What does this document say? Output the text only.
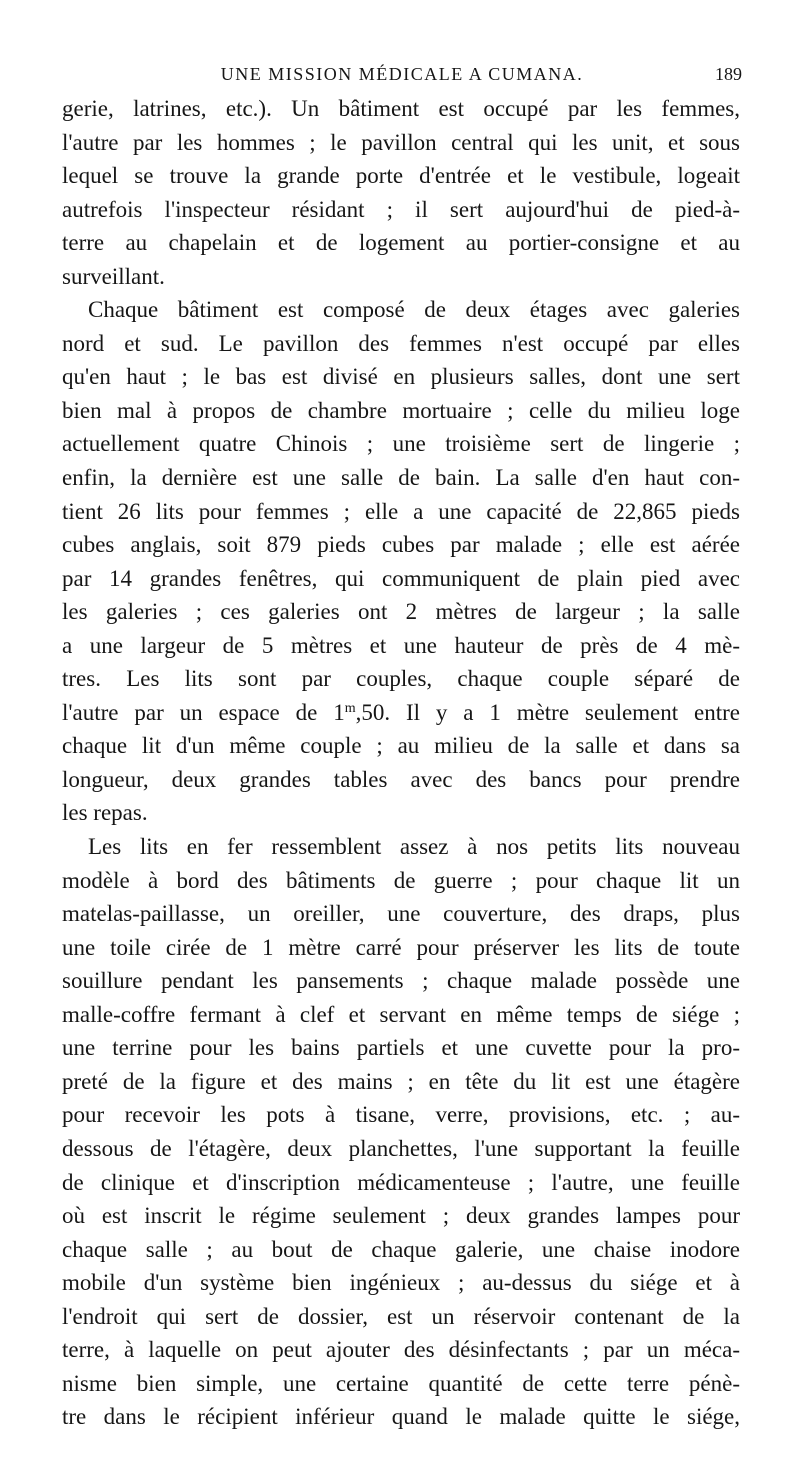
UNE MISSION MÉDICALE A CUMANA.	189
gerie, latrines, etc.). Un bâtiment est occupé par les femmes,
l'autre par les hommes ; le pavillon central qui les unit, et sous
lequel se trouve la grande porte d'entrée et le vestibule, logeait
autrefois l'inspecteur résidant ; il sert aujourd'hui de pied-à-
terre au chapelain et de logement au portier-consigne et au
surveillant.
Chaque bâtiment est composé de deux étages avec galeries
nord et sud. Le pavillon des femmes n'est occupé par elles
qu'en haut ; le bas est divisé en plusieurs salles, dont une sert
bien mal à propos de chambre mortuaire ; celle du milieu loge
actuellement quatre Chinois ; une troisième sert de lingerie ;
enfin, la dernière est une salle de bain. La salle d'en haut con-
tient 26 lits pour femmes ; elle a une capacité de 22,865 pieds
cubes anglais, soit 879 pieds cubes par malade ; elle est aérée
par 14 grandes fenêtres, qui communiquent de plain pied avec
les galeries ; ces galeries ont 2 mètres de largeur ; la salle
a une largeur de 5 mètres et une hauteur de près de 4 mè-
tres. Les lits sont par couples, chaque couple séparé de
l'autre par un espace de 1$^m$,50. Il y a 1 mètre seulement entre
chaque lit d'un même couple ; au milieu de la salle et dans sa
longueur, deux grandes tables avec des bancs pour prendre
les repas.
Les lits en fer ressemblent assez à nos petits lits nouveau
modèle à bord des bâtiments de guerre ; pour chaque lit un
matelas-paillasse, un oreiller, une couverture, des draps, plus
une toile cirée de 1 mètre carré pour préserver les lits de toute
souillure pendant les pansements ; chaque malade possède une
malle-coffre fermant à clef et servant en même temps de siége ;
une terrine pour les bains partiels et une cuvette pour la pro-
preté de la figure et des mains ; en tête du lit est une étagère
pour recevoir les pots à tisane, verre, provisions, etc. ; au-
dessous de l'étagère, deux planchettes, l'une supportant la feuille
de clinique et d'inscription médicamenteuse ; l'autre, une feuille
où est inscrit le régime seulement ; deux grandes lampes pour
chaque salle ; au bout de chaque galerie, une chaise inodore
mobile d'un système bien ingénieux ; au-dessus du siége et à
l'endroit qui sert de dossier, est un réservoir contenant de la
terre, à laquelle on peut ajouter des désinfectants ; par un méca-
nisme bien simple, une certaine quantité de cette terre pénè-
tre dans le récipient inférieur quand le malade quitte le siége,
